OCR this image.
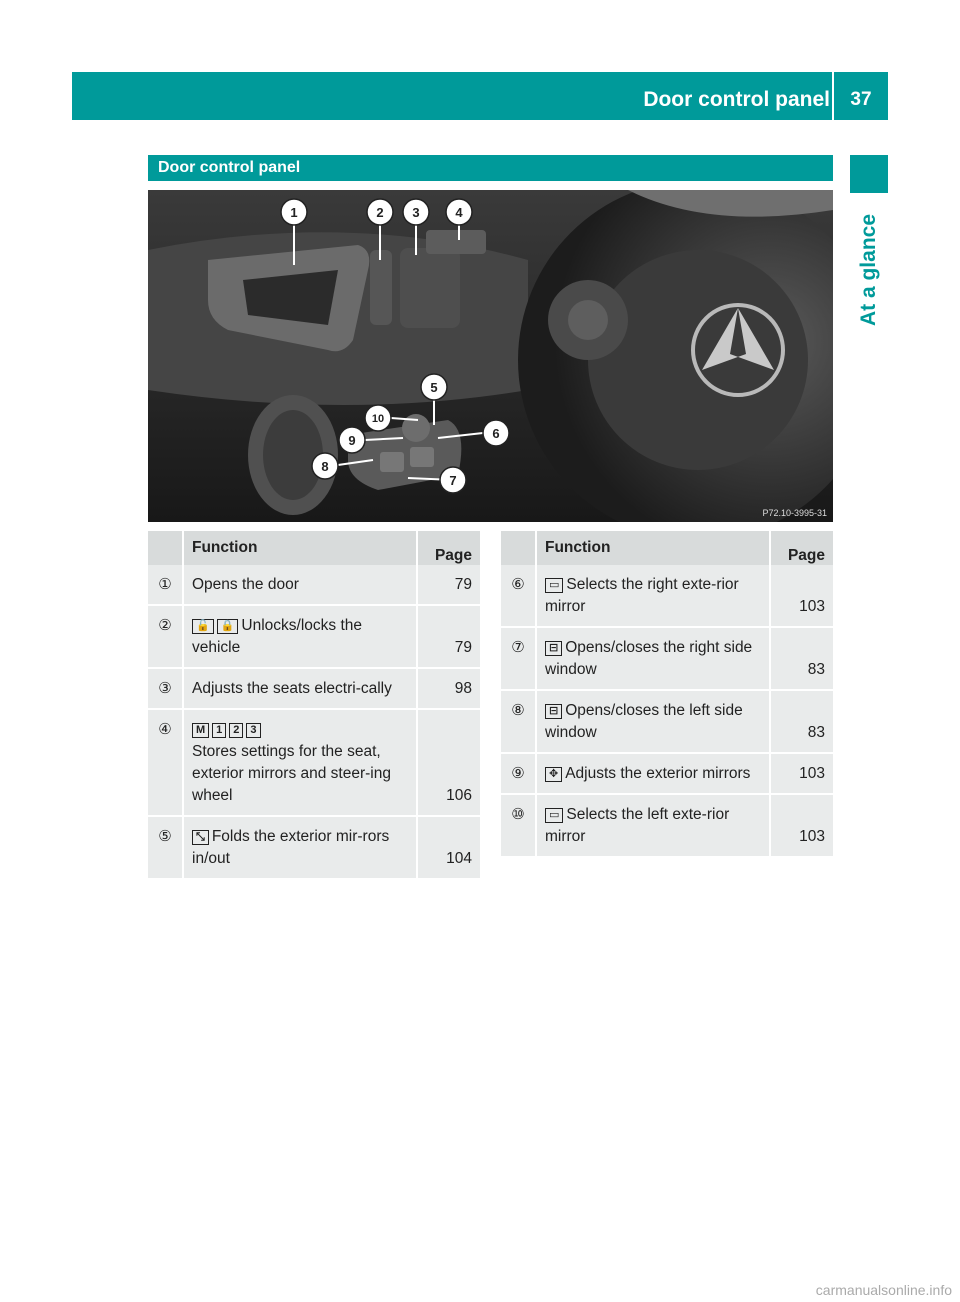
Door control panel	37
At a glance
Door control panel
1	2 3	4
5
6
7
8
9
10
P72.10-3995-31
	Function	Page
①	Opens the door	79
②	🔓 🔒 Unlocks/locks the vehicle	79
③	Adjusts the seats electri-cally	98
④	M 1 2 3
Stores settings for the seat, exterior mirrors and steer-ing wheel	106
⑤	⤡ Folds the exterior mir-rors in/out	104
	Function	Page
⑥	▭ Selects the right exte-rior mirror	103
⑦	⊟ Opens/closes the right side window	83
⑧	⊟ Opens/closes the left side window	83
⑨	✥ Adjusts the exterior mirrors	103
⑩	▭ Selects the left exte-rior mirror	103
carmanualsonline.info
